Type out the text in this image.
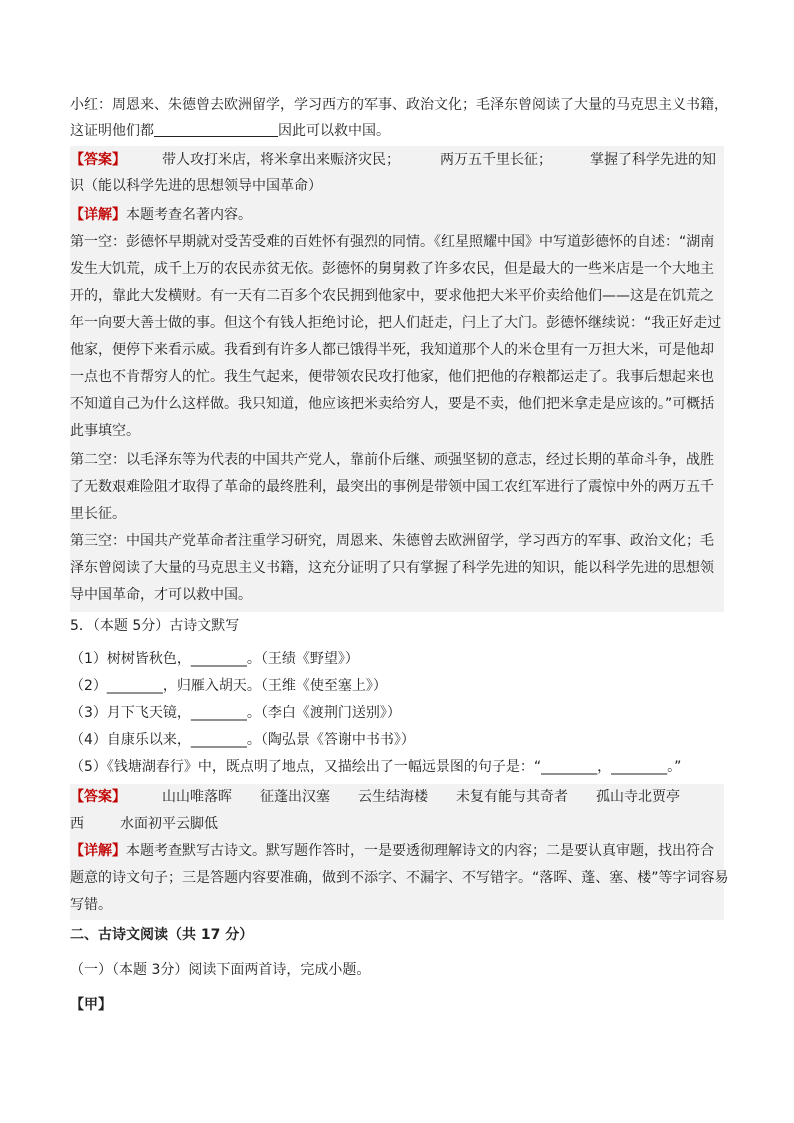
小红：周恩来、朱德曾去欧洲留学，学习西方的军事、政治文化；毛泽东曾阅读了大量的马克思主义书籍，
这证明他们都	因此可以救中国。
【答案】	带人攻打米店，将米拿出来赈济灾民；	两万五千里长征；	掌握了科学先进的知
识（能以科学先进的思想领导中国革命）
【详解】本题考查名著内容。
第一空：彭德怀早期就对受苦受难的百姓怀有强烈的同情。《红星照耀中国》中写道彭德怀的自述：“湖南
发生大饥荒，成千上万的农民赤贫无依。彭德怀的舅舅救了许多农民，但是最大的一些米店是一个大地主
开的，靠此大发横财。有一天有二百多个农民拥到他家中，要求他把大米平价卖给他们——这是在饥荒之
年一向要大善士做的事。但这个有钱人拒绝讨论，把人们赶走，闩上了大门。彭德怀继续说：“我正好走过
他家，便停下来看示威。我看到有许多人都已饿得半死，我知道那个人的米仓里有一万担大米，可是他却
一点也不肯帮穷人的忙。我生气起来，便带领农民攻打他家，他们把他的存粮都运走了。我事后想起来也
不知道自己为什么这样做。我只知道，他应该把米卖给穷人，要是不卖，他们把米拿走是应该的。”可概括
此事填空。
第二空：以毛泽东等为代表的中国共产党人，靠前仆后继、顽强坚韧的意志，经过长期的革命斗争，战胜
了无数艰难险阻才取得了革命的最终胜利，最突出的事例是带领中国工农红军进行了震惊中外的两万五千
里长征。
第三空：中国共产党革命者注重学习研究，周恩来、朱德曾去欧洲留学，学习西方的军事、政治文化；毛
泽东曾阅读了大量的马克思主义书籍，这充分证明了只有掌握了科学先进的知识，能以科学先进的思想领
导中国革命，才可以救中国。
5．（本题 5分）古诗文默写
（1）树树皆秋色，________。（王绩《野望》）
（2）________，归雁入胡天。（王维《使至塞上》）
（3）月下飞天镜，________。（李白《渡荆门送别》）
（4）自康乐以来，________。（陶弘景《答谢中书书》）
（5）《钱塘湖春行》中，既点明了地点，又描绘出了一幅远景图的句子是：“________，________。”
【答案】	山山唯落晖 征蓬出汉塞 云生结海楼 未复有能与其奇者 孤山寺北贾亭
西	水面初平云脚低
【详解】本题考查默写古诗文。默写题作答时，一是要透彻理解诗文的内容；二是要认真审题，找出符合
题意的诗文句子；三是答题内容要准确，做到不添字、不漏字、不写错字。“落晖、蓬、塞、楼”等字词容易
写错。
二、古诗文阅读（共 17 分）
（一）（本题 3分）阅读下面两首诗，完成小题。
【甲】
